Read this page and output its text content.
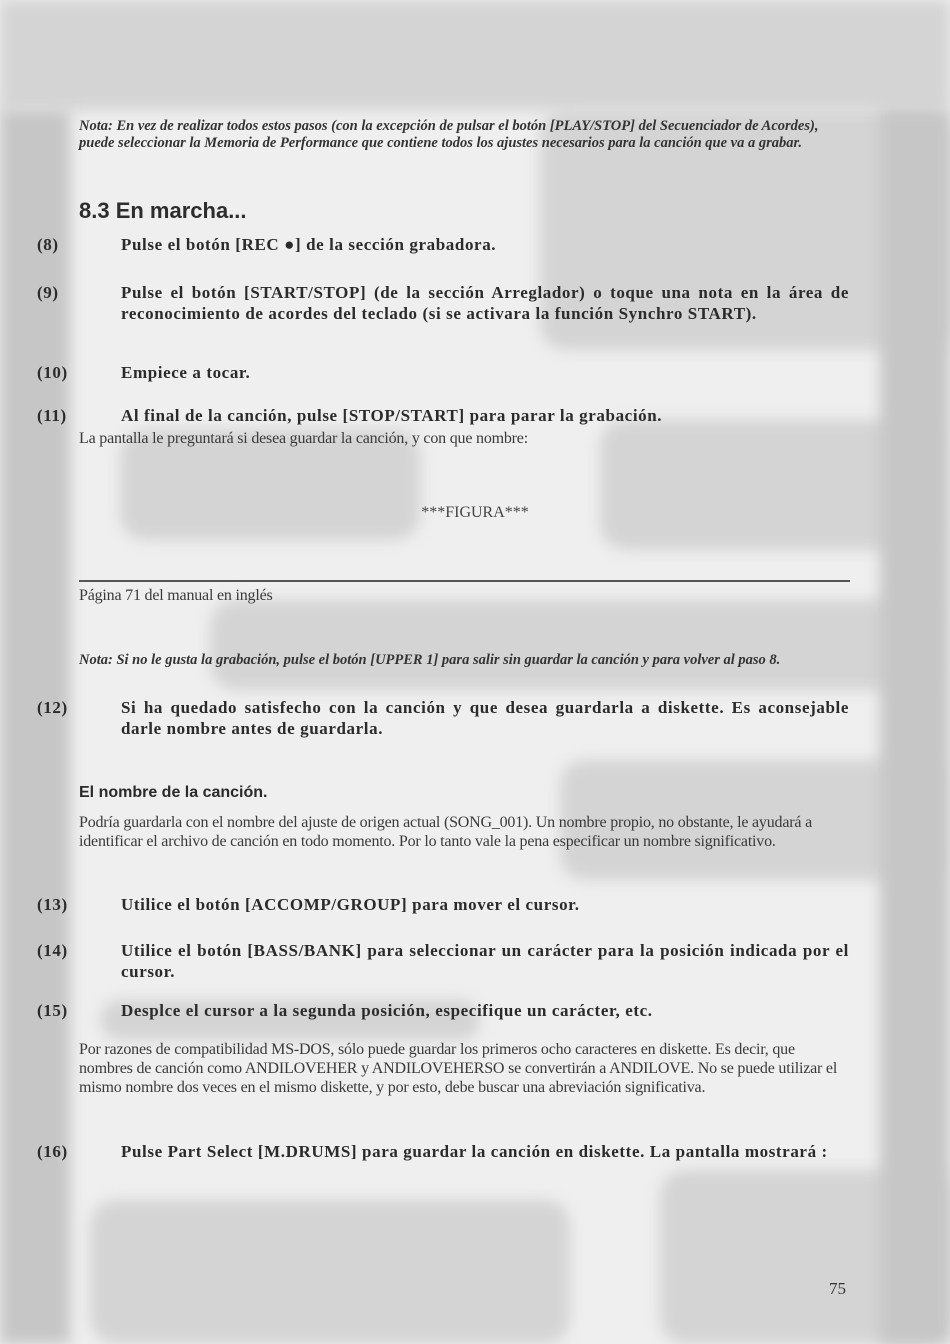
Nota: En vez de realizar todos estos pasos (con la excepción de pulsar el botón [PLAY/STOP] del Secuenciador de Acordes), puede seleccionar la Memoria de Performance que contiene todos los ajustes necesarios para la canción que va a grabar.
8.3 En marcha...
(8)	Pulse el botón [REC ●] de la sección grabadora.
(9)	Pulse el botón [START/STOP] (de la sección Arreglador) o toque una nota en la área de reconocimiento de acordes del teclado (si se activara la función Synchro START).
(10)	Empiece a tocar.
(11)	Al final de la canción, pulse [STOP/START] para parar la grabación.
La pantalla le preguntará si desea guardar la canción, y con que nombre:
***FIGURA***
Página 71 del manual en inglés
Nota: Si no le gusta la grabación, pulse el botón [UPPER 1] para salir sin guardar la canción y para volver al paso 8.
(12)	Si ha quedado satisfecho con la canción y que desea guardarla a diskette. Es aconsejable darle nombre antes de guardarla.
El nombre de la canción.
Podría guardarla con el nombre del ajuste de origen actual (SONG_001). Un nombre propio, no obstante, le ayudará a identificar el archivo de canción en todo momento. Por lo tanto vale la pena especificar un nombre significativo.
(13)	Utilice el botón [ACCOMP/GROUP] para mover el cursor.
(14)	Utilice el botón [BASS/BANK] para seleccionar un carácter para la posición indicada por el cursor.
(15)	Desplce el cursor a la segunda posición, especifique un carácter, etc.
Por razones de compatibilidad MS-DOS, sólo puede guardar los primeros ocho caracteres en diskette. Es decir, que nombres de canción como ANDILOVEHER y ANDILOVEHERSO se convertirán a ANDILOVE. No se puede utilizar el mismo nombre dos veces en el mismo diskette, y por esto, debe buscar una abreviación significativa.
(16)	Pulse Part Select [M.DRUMS] para guardar la canción en diskette. La pantalla mostrará :
75
